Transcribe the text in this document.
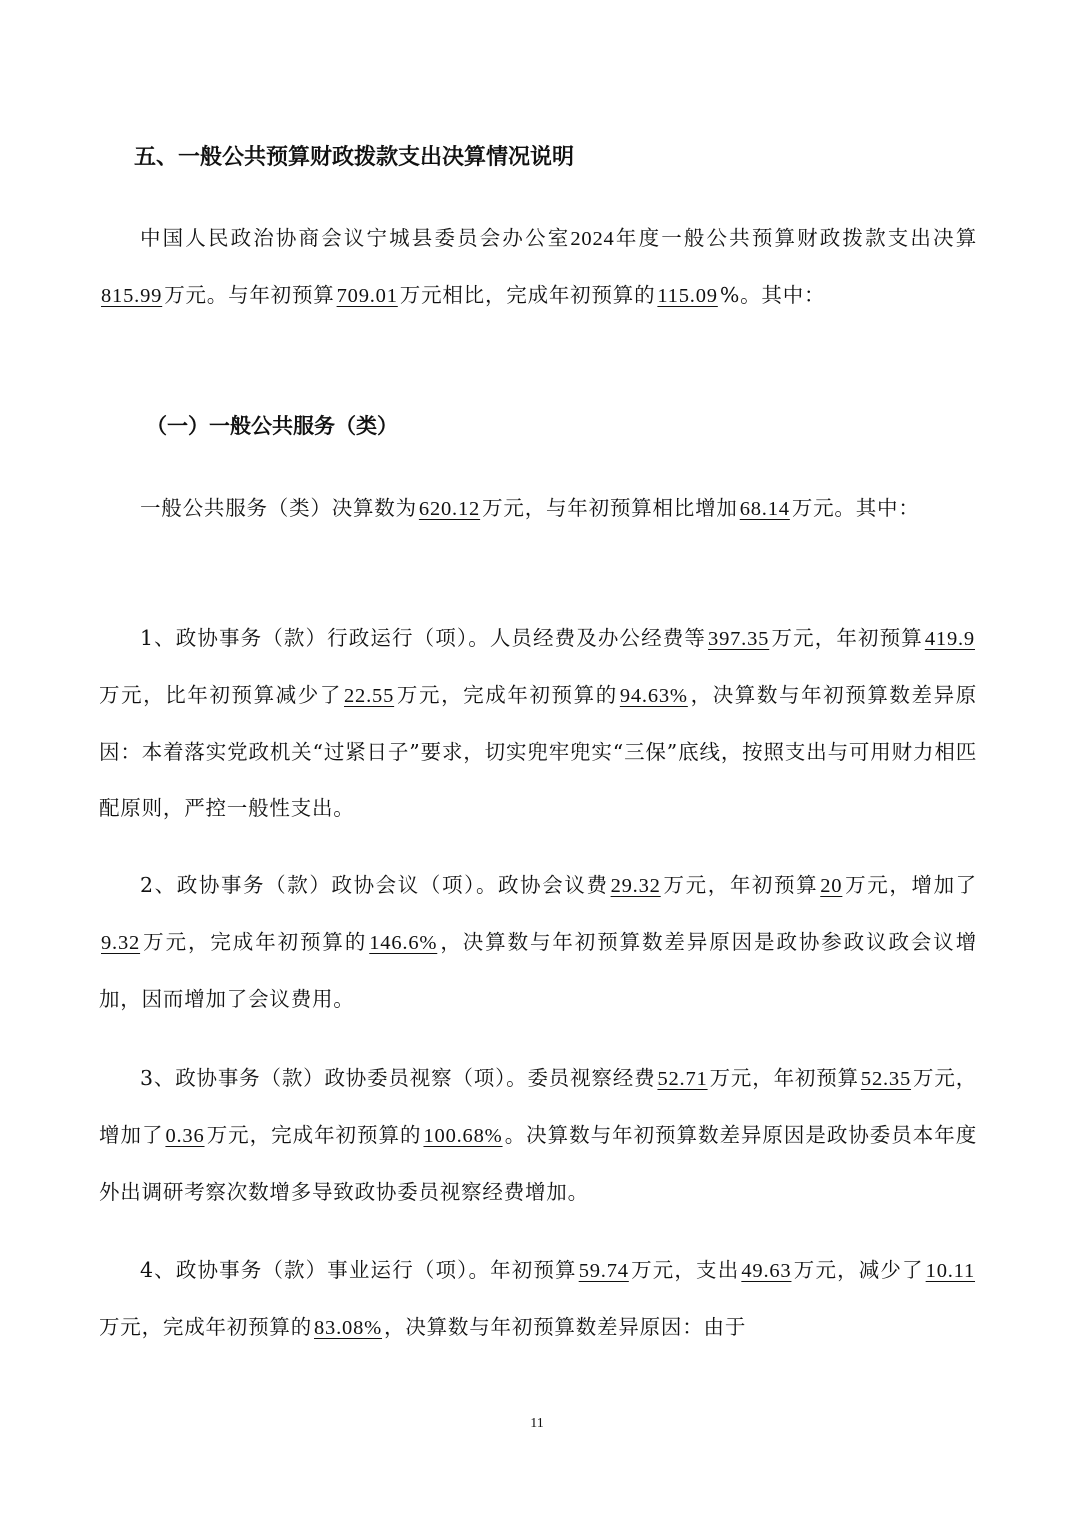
五、一般公共预算财政拨款支出决算情况说明
中国人民政治协商会议宁城县委员会办公室2024年度一般公共预算财政拨款支出决算815.99万元。与年初预算709.01万元相比，完成年初预算的115.09%。其中：
（一）一般公共服务（类）
一般公共服务（类）决算数为620.12万元，与年初预算相比增加68.14万元。其中：
1、政协事务（款）行政运行（项）。人员经费及办公经费等397.35万元，年初预算419.9万元，比年初预算减少了22.55万元，完成年初预算的94.63%，决算数与年初预算数差异原因：本着落实党政机关“过紧日子”要求，切实兜牢兜实“三保”底线，按照支出与可用财力相匹配原则，严控一般性支出。
2、政协事务（款）政协会议（项）。政协会议费29.32万元，年初预算20万元，增加了9.32万元，完成年初预算的146.6%，决算数与年初预算数差异原因是政协参政议政会议增加，因而增加了会议费用。
3、政协事务（款）政协委员视察（项）。委员视察经费52.71万元，年初预算52.35万元，增加了0.36万元，完成年初预算的100.68%。决算数与年初预算数差异原因是政协委员本年度外出调研考察次数增多导致政协委员视察经费增加。
4、政协事务（款）事业运行（项）。年初预算59.74万元，支出49.63万元，减少了10.11万元，完成年初预算的83.08%，决算数与年初预算数差异原因：由于
11
